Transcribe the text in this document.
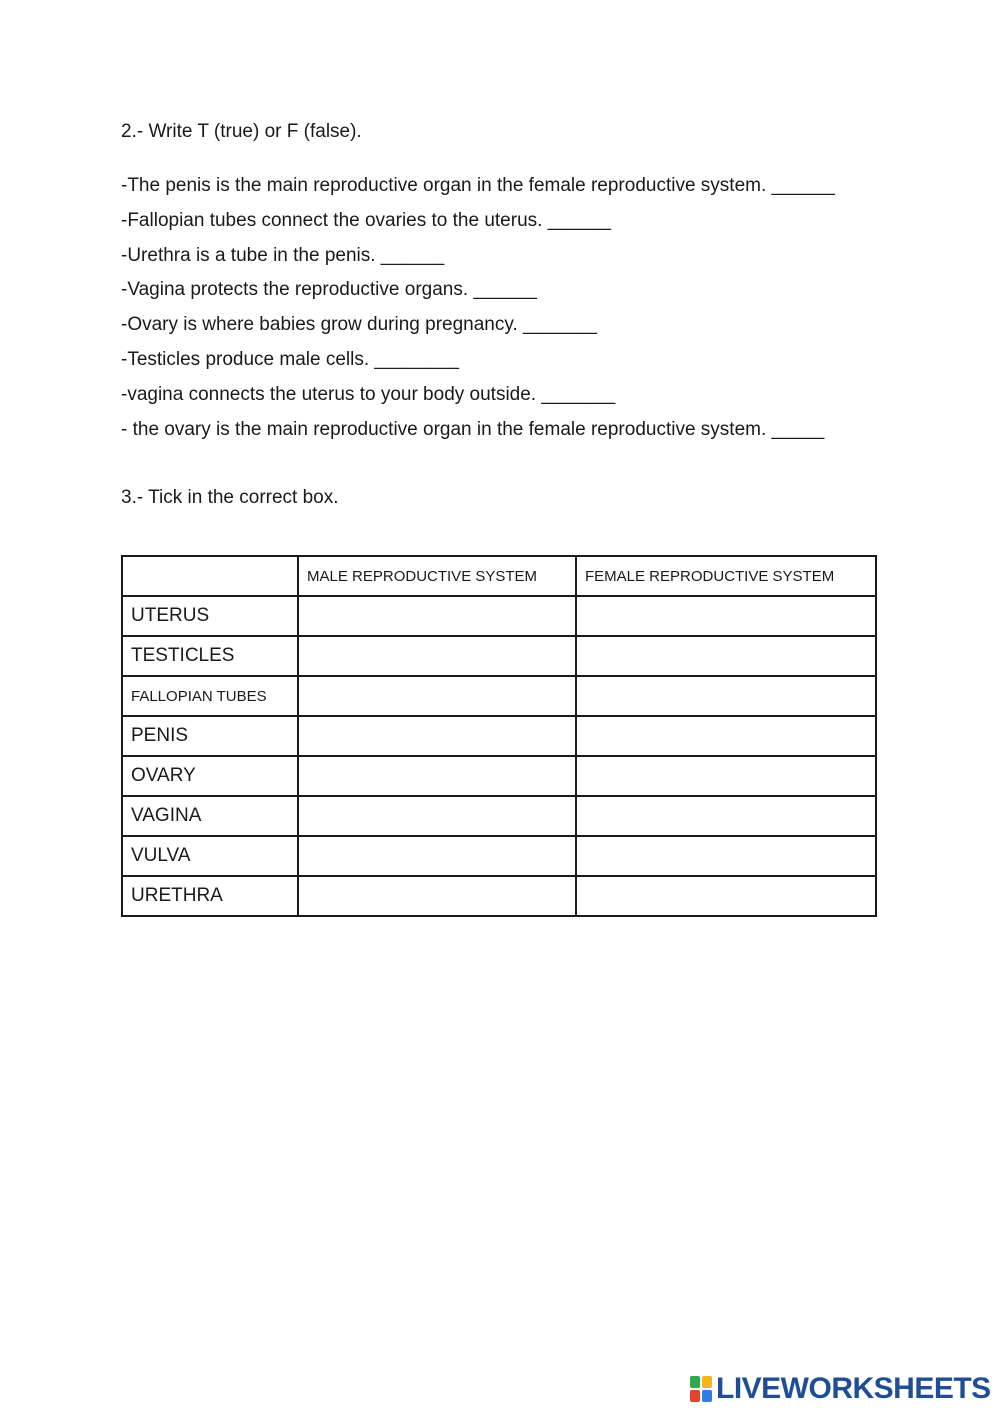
2.- Write T (true) or F (false).
-The penis is the main reproductive organ in the female reproductive system. ______
-Fallopian tubes connect the ovaries to the uterus. ______
-Urethra is a tube in the penis. ______
-Vagina protects the reproductive organs. ______
-Ovary is where babies grow during pregnancy. _______
-Testicles produce male cells. ________
-vagina connects the uterus to your body outside. _______
- the ovary is the main reproductive organ in the female reproductive system. _____
3.- Tick in the correct box.
	MALE REPRODUCTIVE SYSTEM	FEMALE REPRODUCTIVE SYSTEM
UTERUS		
TESTICLES		
FALLOPIAN TUBES		
PENIS		
OVARY		
VAGINA		
VULVA		
URETHRA		
LIVEWORKSHEETS
